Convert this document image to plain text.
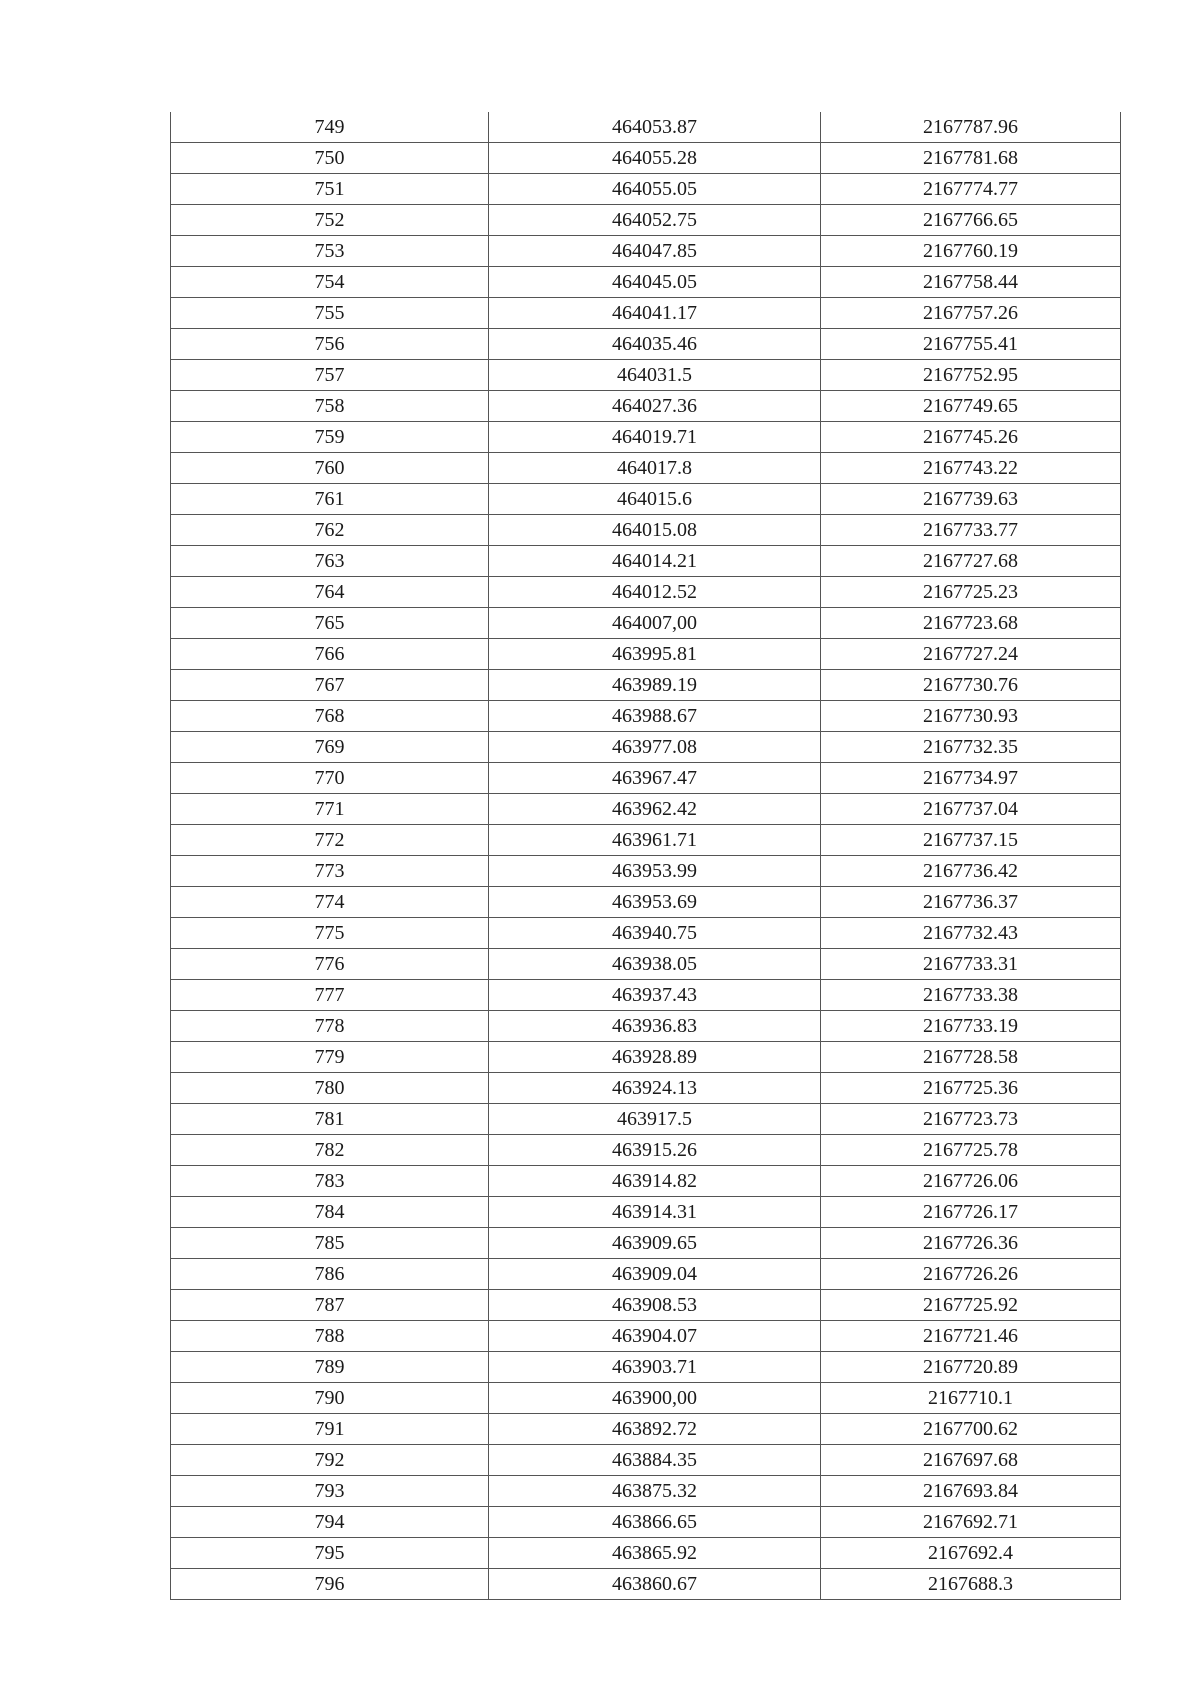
749	464053.87	2167787.96
750	464055.28	2167781.68
751	464055.05	2167774.77
752	464052.75	2167766.65
753	464047.85	2167760.19
754	464045.05	2167758.44
755	464041.17	2167757.26
756	464035.46	2167755.41
757	464031.5	2167752.95
758	464027.36	2167749.65
759	464019.71	2167745.26
760	464017.8	2167743.22
761	464015.6	2167739.63
762	464015.08	2167733.77
763	464014.21	2167727.68
764	464012.52	2167725.23
765	464007,00	2167723.68
766	463995.81	2167727.24
767	463989.19	2167730.76
768	463988.67	2167730.93
769	463977.08	2167732.35
770	463967.47	2167734.97
771	463962.42	2167737.04
772	463961.71	2167737.15
773	463953.99	2167736.42
774	463953.69	2167736.37
775	463940.75	2167732.43
776	463938.05	2167733.31
777	463937.43	2167733.38
778	463936.83	2167733.19
779	463928.89	2167728.58
780	463924.13	2167725.36
781	463917.5	2167723.73
782	463915.26	2167725.78
783	463914.82	2167726.06
784	463914.31	2167726.17
785	463909.65	2167726.36
786	463909.04	2167726.26
787	463908.53	2167725.92
788	463904.07	2167721.46
789	463903.71	2167720.89
790	463900,00	2167710.1
791	463892.72	2167700.62
792	463884.35	2167697.68
793	463875.32	2167693.84
794	463866.65	2167692.71
795	463865.92	2167692.4
796	463860.67	2167688.3
